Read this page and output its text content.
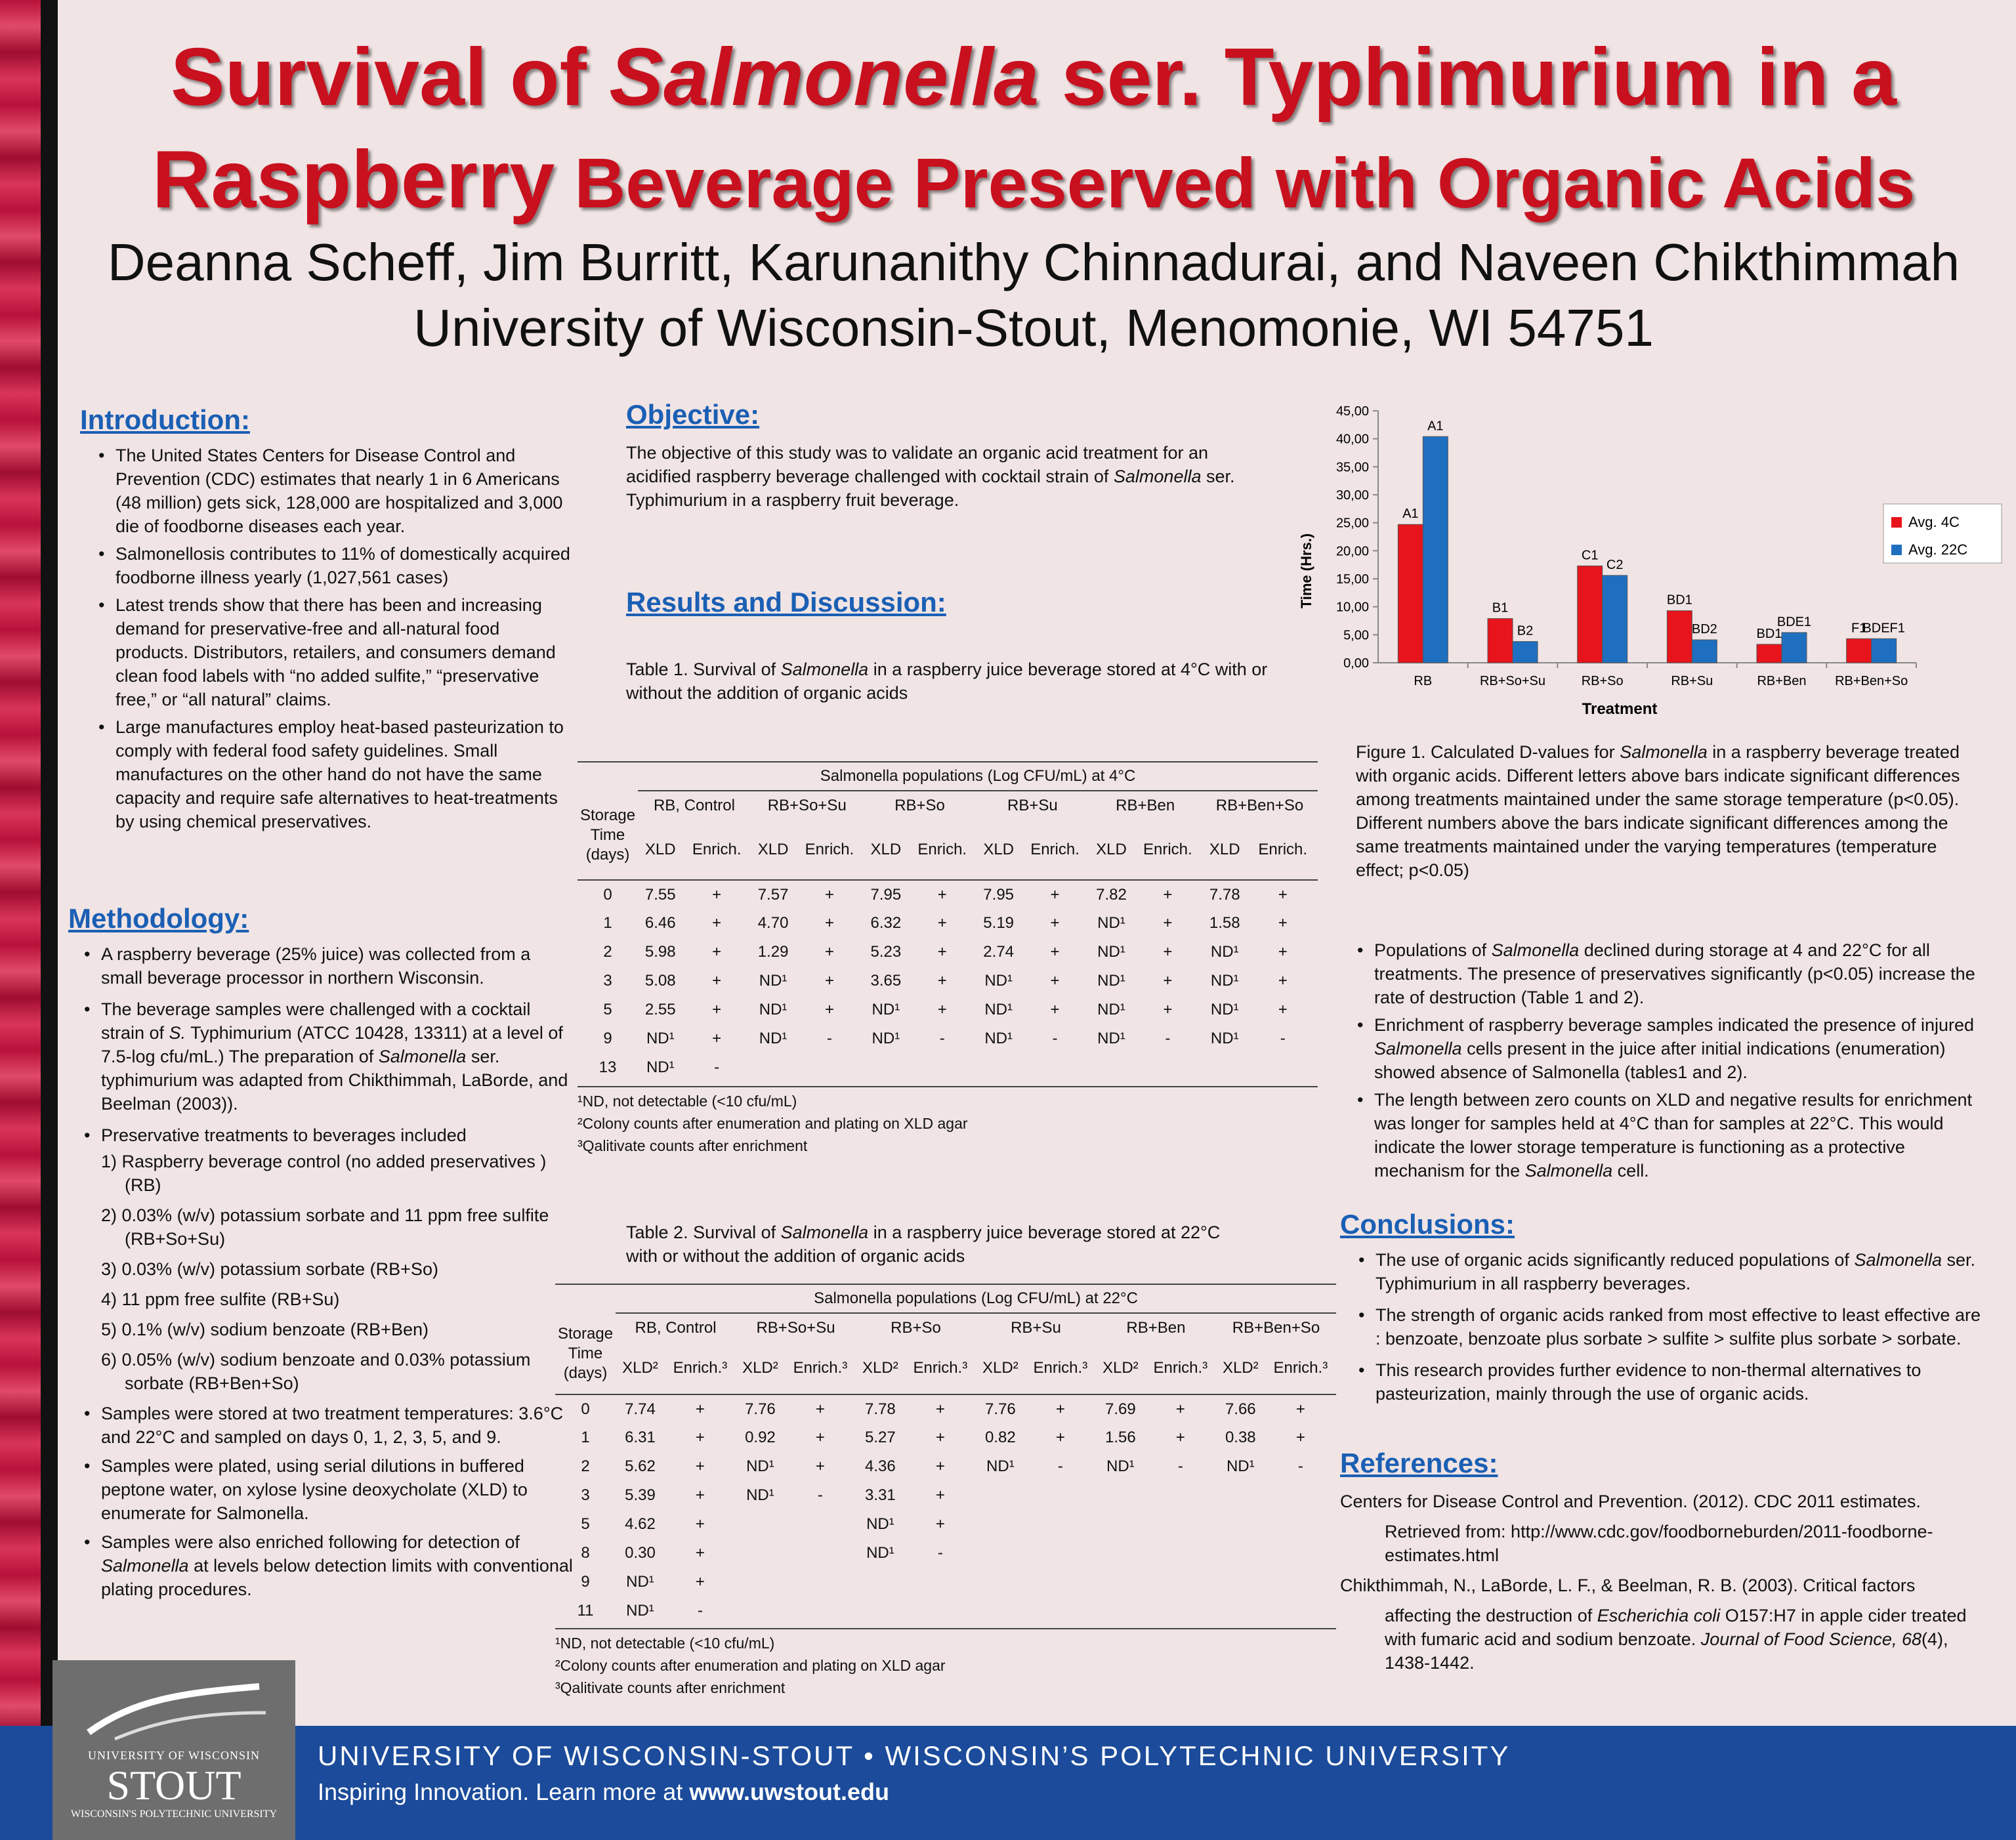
Survival of Salmonella ser. Typhimurium in a
Raspberry Beverage Preserved with Organic Acids
Deanna Scheff, Jim Burritt, Karunanithy Chinnadurai, and Naveen Chikthimmah
University of Wisconsin-Stout, Menomonie, WI 54751
Introduction:
• The United States Centers for Disease Control and Prevention (CDC) estimates that nearly 1 in 6 Americans (48 million) gets sick, 128,000 are hospitalized and 3,000 die of foodborne diseases each year.
• Salmonellosis contributes to 11% of domestically acquired foodborne illness yearly (1,027,561 cases)
• Latest trends show that there has been and increasing demand for preservative-free and all-natural food products. Distributors, retailers, and consumers demand clean food labels with “no added sulfite,” “preservative free,” or “all natural” claims.
• Large manufactures employ heat-based pasteurization to comply with federal food safety guidelines. Small manufactures on the other hand do not have the same capacity and require safe alternatives to heat-treatments by using chemical preservatives.
Methodology:
• A raspberry beverage (25% juice) was collected from a small beverage processor in northern Wisconsin.
• The beverage samples were challenged with a cocktail strain of S. Typhimurium (ATCC 10428, 13311) at a level of 7.5-log cfu/mL.) The preparation of Salmonella ser. typhimurium was adapted from Chikthimmah, LaBorde, and Beelman (2003)).
• Preservative treatments to beverages included
1) Raspberry beverage control (no added preservatives ) (RB)
2) 0.03% (w/v) potassium sorbate and 11 ppm free sulfite (RB+So+Su)
3) 0.03% (w/v) potassium sorbate (RB+So)
4) 11 ppm free sulfite (RB+Su)
5) 0.1% (w/v) sodium benzoate (RB+Ben)
6) 0.05% (w/v) sodium benzoate and 0.03% potassium sorbate (RB+Ben+So)
• Samples were stored at two treatment temperatures: 3.6°C and 22°C and sampled on days 0, 1, 2, 3, 5, and 9.
• Samples were plated, using serial dilutions in buffered peptone water, on xylose lysine deoxycholate (XLD) to enumerate for Salmonella.
• Samples were also enriched following for detection of Salmonella at levels below detection limits with conventional plating procedures.
Objective:
The objective of this study was to validate an organic acid treatment for an acidified raspberry beverage challenged with cocktail strain of Salmonella ser. Typhimurium in a raspberry fruit beverage.
Results and Discussion:
Table 1. Survival of Salmonella in a raspberry juice beverage stored at 4°C with or without the addition of organic acids
	Salmonella populations (Log CFU/mL) at 4°C											
Storage Time (days)	RB, Control		RB+So+Su		RB+So		RB+Su		RB+Ben		RB+Ben+So	
	XLD	Enrich.	XLD	Enrich.	XLD	Enrich.	XLD	Enrich.	XLD	Enrich.	XLD	Enrich.
0	7.55	+	7.57	+	7.95	+	7.95	+	7.82	+	7.78	+
1	6.46	+	4.70	+	6.32	+	5.19	+	ND¹	+	1.58	+
2	5.98	+	1.29	+	5.23	+	2.74	+	ND¹	+	ND¹	+
3	5.08	+	ND¹	+	3.65	+	ND¹	+	ND¹	+	ND¹	+
5	2.55	+	ND¹	+	ND¹	+	ND¹	+	ND¹	+	ND¹	+
9	ND¹	+	ND¹	-	ND¹	-	ND¹	-	ND¹	-	ND¹	-
13	ND¹	-										
¹ND, not detectable (<10 cfu/mL)
²Colony counts after enumeration and plating on XLD agar
³Qalitivate counts after enrichment
Table 2. Survival of Salmonella in a raspberry juice beverage stored at 22°C with or without the addition of organic acids
	Salmonella populations (Log CFU/mL) at 22°C											
Storage Time (days)	RB, Control		RB+So+Su		RB+So		RB+Su		RB+Ben		RB+Ben+So	
	XLD²	Enrich.³	XLD²	Enrich.³	XLD²	Enrich.³	XLD²	Enrich.³	XLD²	Enrich.³	XLD²	Enrich.³
0	7.74	+	7.76	+	7.78	+	7.76	+	7.69	+	7.66	+
1	6.31	+	0.92	+	5.27	+	0.82	+	1.56	+	0.38	+
2	5.62	+	ND¹	+	4.36	+	ND¹	-	ND¹	-	ND¹	-
3	5.39	+	ND¹	-	3.31	+						
5	4.62	+			ND¹	+						
8	0.30	+			ND¹	-						
9	ND¹	+										
11	ND¹	-										
¹ND, not detectable (<10 cfu/mL)
²Colony counts after enumeration and plating on XLD agar
³Qalitivate counts after enrichment
Time (Hrs.)
Treatment
0,00
5,00
10,00
15,00
20,00
25,00
30,00
35,00
40,00
45,00
RB	RB+So+Su	RB+So	RB+Su	RB+Ben RB+Ben+So
A1
A1
B1
B2
C1
C2
BD1
BD2	BD1
BDE1	F1
BDEF1
Avg. 4C
Avg. 22C
Figure 1. Calculated D-values for Salmonella in a raspberry beverage treated with organic acids. Different letters above bars indicate significant differences among treatments maintained under the same storage temperature (p<0.05). Different numbers above the bars indicate significant differences among the same treatments maintained under the varying temperatures (temperature effect; p<0.05)
• Populations of Salmonella declined during storage at 4 and 22°C for all treatments. The presence of preservatives significantly (p<0.05) increase the rate of destruction (Table 1 and 2).
• Enrichment of raspberry beverage samples indicated the presence of injured Salmonella cells present in the juice after initial indications (enumeration) showed absence of Salmonella (tables1 and 2).
• The length between zero counts on XLD and negative results for enrichment was longer for samples held at 4°C than for samples at 22°C. This would indicate the lower storage temperature is functioning as a protective mechanism for the Salmonella cell.
Conclusions:
• The use of organic acids significantly reduced populations of Salmonella ser. Typhimurium in all raspberry beverages.
• The strength of organic acids ranked from most effective to least effective are : benzoate, benzoate plus sorbate > sulfite > sulfite plus sorbate > sorbate.
• This research provides further evidence to non-thermal alternatives to pasteurization, mainly through the use of organic acids.
References:
Centers for Disease Control and Prevention. (2012). CDC 2011 estimates.
Retrieved from: http://www.cdc.gov/foodborneburden/2011-foodborne-estimates.html
Chikthimmah, N., LaBorde, L. F., & Beelman, R. B. (2003). Critical factors
affecting the destruction of Escherichia coli O157:H7 in apple cider treated with fumaric acid and sodium benzoate. Journal of Food Science, 68(4), 1438-1442.
UNIVERSITY OF WISCONSIN
STOUT
WISCONSIN'S POLYTECHNIC UNIVERSITY
UNIVERSITY OF WISCONSIN-STOUT • WISCONSIN’S POLYTECHNIC UNIVERSITY
Inspiring Innovation. Learn more at www.uwstout.edu
